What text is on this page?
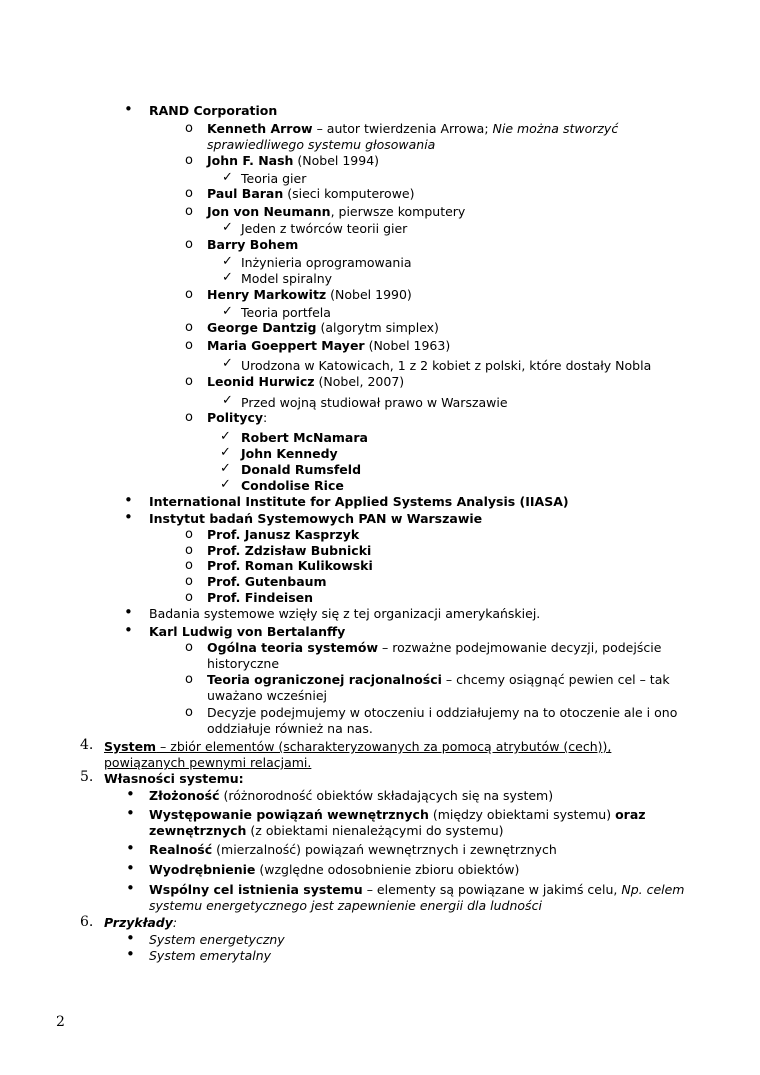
• RAND Corporation
o Kenneth Arrow – autor twierdzenia Arrowa; Nie można stworzyć
sprawiedliwego systemu głosowania
o John F. Nash (Nobel 1994)
✓ Teoria gier
o Paul Baran (sieci komputerowe)
o Jon von Neumann, pierwsze komputery
✓ Jeden z twórców teorii gier
o Barry Bohem
✓ Inżynieria oprogramowania
✓ Model spiralny
o Henry Markowitz (Nobel 1990)
✓ Teoria portfela
o George Dantzig (algorytm simplex)
o Maria Goeppert Mayer (Nobel 1963)
✓ Urodzona w Katowicach, 1 z 2 kobiet z polski, które dostały Nobla
o Leonid Hurwicz (Nobel, 2007)
✓ Przed wojną studiował prawo w Warszawie
o Politycy:
✓ Robert McNamara
✓ John Kennedy
✓ Donald Rumsfeld
✓ Condolise Rice
• International Institute for Applied Systems Analysis (IIASA)
• Instytut badań Systemowych PAN w Warszawie
o Prof. Janusz Kasprzyk
o Prof. Zdzisław Bubnicki
o Prof. Roman Kulikowski
o Prof. Gutenbaum
o Prof. Findeisen
• Badania systemowe wzięły się z tej organizacji amerykańskiej.
• Karl Ludwig von Bertalanffy
o Ogólna teoria systemów – rozważne podejmowanie decyzji, podejście
historyczne
o Teoria ograniczonej racjonalności – chcemy osiągnąć pewien cel – tak
uważano wcześniej
o Decyzje podejmujemy w otoczeniu i oddziałujemy na to otoczenie ale i ono
oddziałuje również na nas.
4. System – zbiór elementów (scharakteryzowanych za pomocą atrybutów (cech)),
powiązanych pewnymi relacjami.
5. Własności systemu:
• Złożoność (różnorodność obiektów składających się na system)
• Występowanie powiązań wewnętrznych (między obiektami systemu) oraz
zewnętrznych (z obiektami nienależącymi do systemu)
• Realność (mierzalność) powiązań wewnętrznych i zewnętrznych
• Wyodrębnienie (względne odosobnienie zbioru obiektów)
• Wspólny cel istnienia systemu – elementy są powiązane w jakimś celu, Np. celem
systemu energetycznego jest zapewnienie energii dla ludności
6. Przykłady:
• System energetyczny
• System emerytalny
2
